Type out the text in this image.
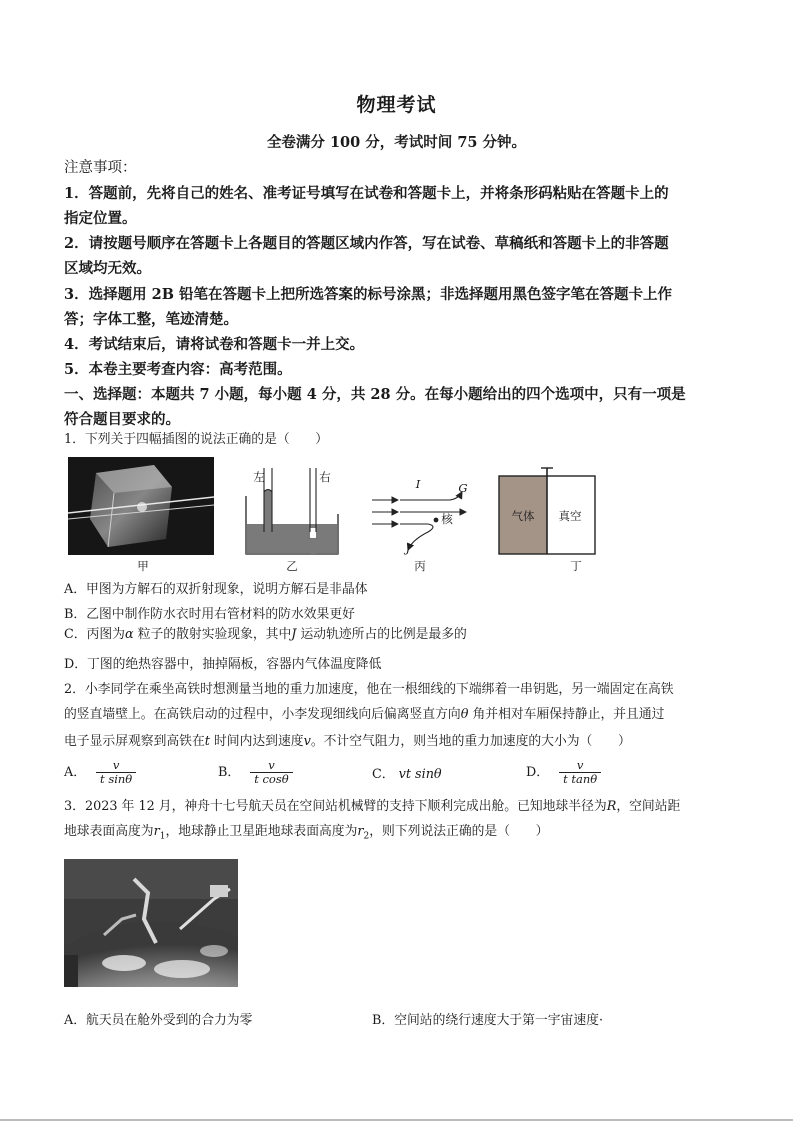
物理考试
全卷满分 100 分，考试时间 75 分钟。
注意事项：
1．答题前，先将自己的姓名、准考证号填写在试卷和答题卡上，并将条形码粘贴在答题卡上的
指定位置。
2．请按题号顺序在答题卡上各题目的答题区域内作答，写在试卷、草稿纸和答题卡上的非答题
区域均无效。
3．选择题用 2B 铅笔在答题卡上把所选答案的标号涂黑；非选择题用黑色签字笔在答题卡上作
答；字体工整，笔迹清楚。
4．考试结束后，请将试卷和答题卡一并上交。
5．本卷主要考查内容：高考范围。
一、选择题：本题共 7 小题，每小题 4 分，共 28 分。在每小题给出的四个选项中，只有一项是
符合题目要求的。
1．下列关于四幅插图的说法正确的是（　　）
甲
左	右
乙
I	G
核
J
丙
气体	真空
丁
A．甲图为方解石的双折射现象，说明方解石是非晶体
B．乙图中制作防水衣时用右管材料的防水效果更好
C．丙图为α 粒子的散射实验现象，其中J 运动轨迹所占的比例是最多的
D．丁图的绝热容器中，抽掉隔板，容器内气体温度降低
2．小李同学在乘坐高铁时想测量当地的重力加速度，他在一根细线的下端绑着一串钥匙，另一端固定在高铁
的竖直墙壁上。在高铁启动的过程中，小李发现细线向后偏离竖直方向θ 角并相对车厢保持静止，并且通过
电子显示屏观察到高铁在t 时间内达到速度v。不计空气阻力，则当地的重力加速度的大小为（　　）
A． $\frac{v}{\text{t sinθ}}$	B． $\frac{v}{\text{t cosθ}}$	C． vt sinθ	D． $\frac{v}{\text{t tanθ}}$
3．2023 年 12 月，神舟十七号航天员在空间站机械臂的支持下顺利完成出舱。已知地球半径为R，空间站距
地球表面高度为$r_1$，地球静止卫星距地球表面高度为$r_2$，则下列说法正确的是（　　）
A．航天员在舱外受到的合力为零	B．空间站的绕行速度大于第一宇宙速度·
